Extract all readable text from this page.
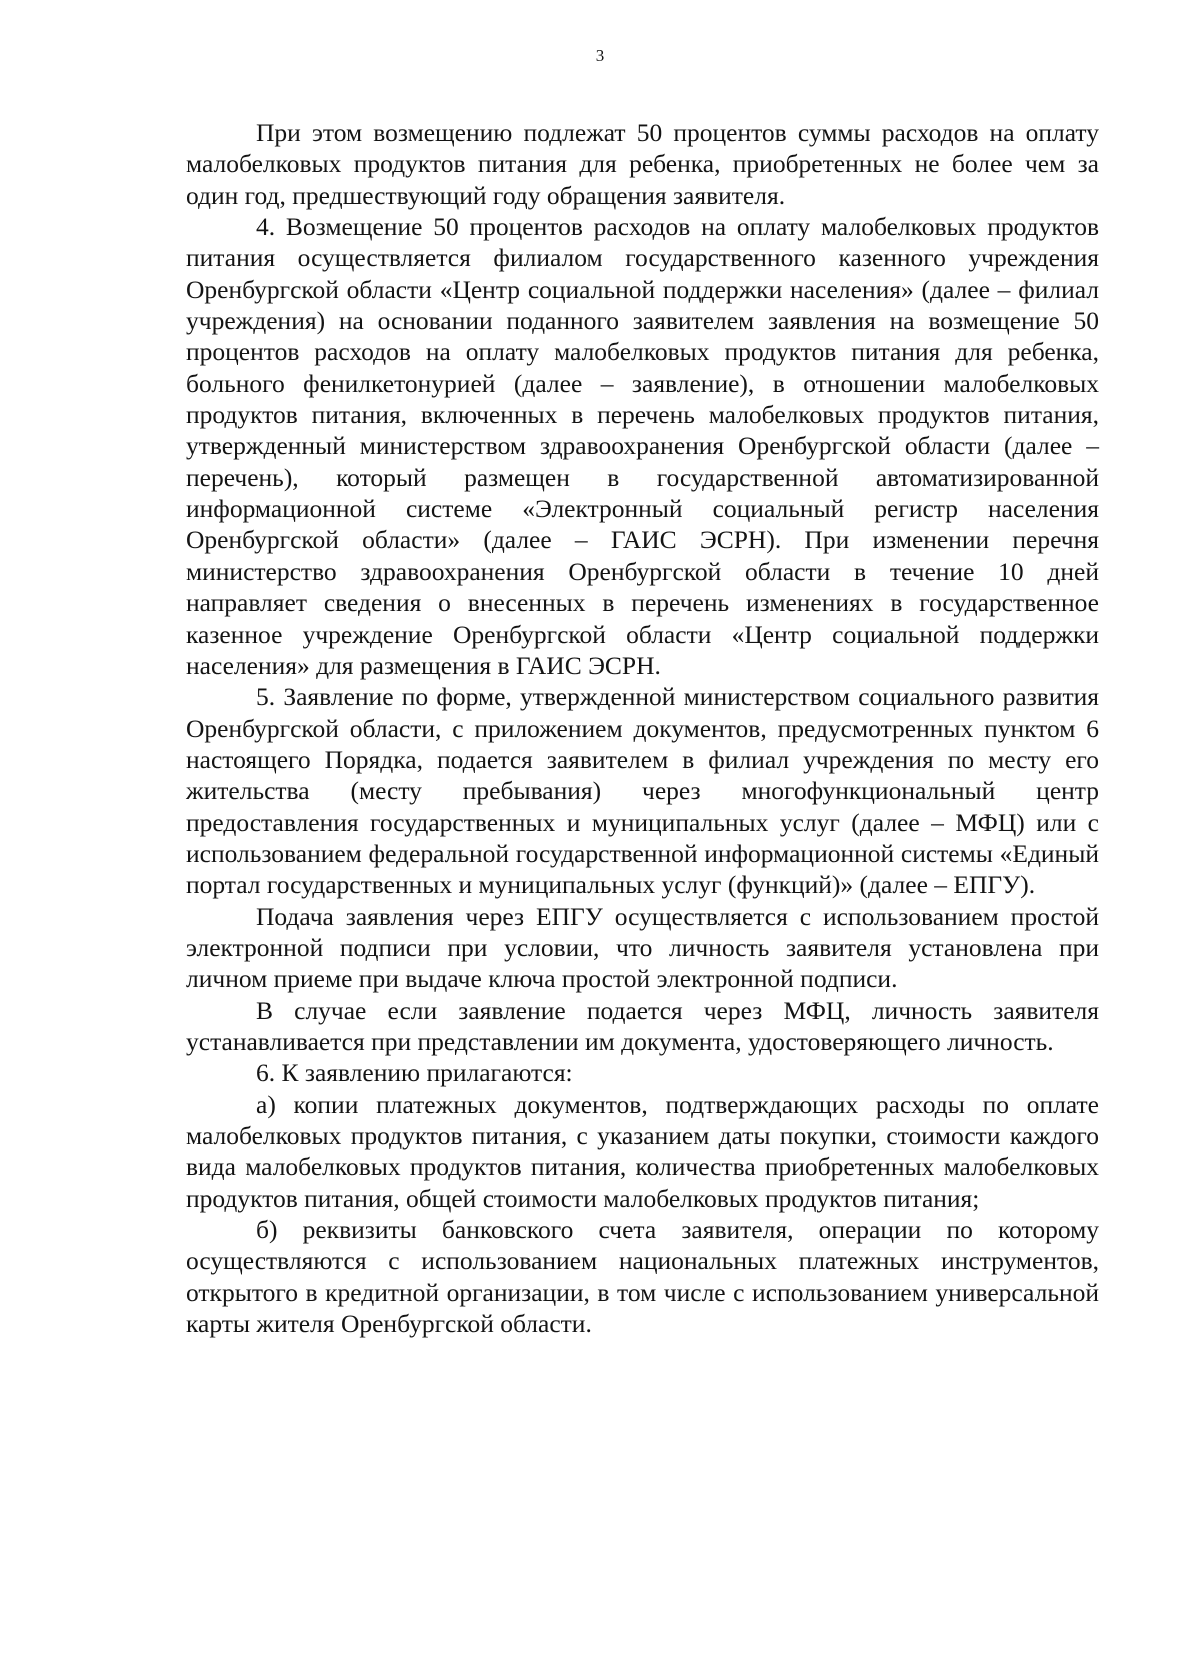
3

При этом возмещению подлежат 50 процентов суммы расходов на оплату малобелковых продуктов питания для ребенка, приобретенных не более чем за один год, предшествующий году обращения заявителя.

4. Возмещение 50 процентов расходов на оплату малобелковых продуктов питания осуществляется филиалом государственного казенного учреждения Оренбургской области «Центр социальной поддержки населения» (далее – филиал учреждения) на основании поданного заявителем заявления на возмещение 50 процентов расходов на оплату малобелковых продуктов питания для ребенка, больного фенилкетонурией (далее – заявление), в отношении малобелковых продуктов питания, включенных в перечень малобелковых продуктов питания, утвержденный министерством здравоохранения Оренбургской области (далее – перечень), который размещен в государственной автоматизированной информационной системе «Электронный социальный регистр населения Оренбургской области» (далее – ГАИС ЭСРН). При изменении перечня министерство здравоохранения Оренбургской области в течение 10 дней направляет сведения о внесенных в перечень изменениях в государственное казенное учреждение Оренбургской области «Центр социальной поддержки населения» для размещения в ГАИС ЭСРН.

5. Заявление по форме, утвержденной министерством социального развития Оренбургской области, с приложением документов, предусмотренных пунктом 6 настоящего Порядка, подается заявителем в филиал учреждения по месту его жительства (месту пребывания) через многофункциональный центр предоставления государственных и муниципальных услуг (далее – МФЦ) или с использованием федеральной государственной информационной системы «Единый портал государственных и муниципальных услуг (функций)» (далее – ЕПГУ).

Подача заявления через ЕПГУ осуществляется с использованием простой электронной подписи при условии, что личность заявителя установлена при личном приеме при выдаче ключа простой электронной подписи.

В случае если заявление подается через МФЦ, личность заявителя устанавливается при представлении им документа, удостоверяющего личность.

6. К заявлению прилагаются:

а) копии платежных документов, подтверждающих расходы по оплате малобелковых продуктов питания, с указанием даты покупки, стоимости каждого вида малобелковых продуктов питания, количества приобретенных малобелковых продуктов питания, общей стоимости малобелковых продуктов питания;

б) реквизиты банковского счета заявителя, операции по которому осуществляются с использованием национальных платежных инструментов, открытого в кредитной организации, в том числе с использованием универсальной карты жителя Оренбургской области.
